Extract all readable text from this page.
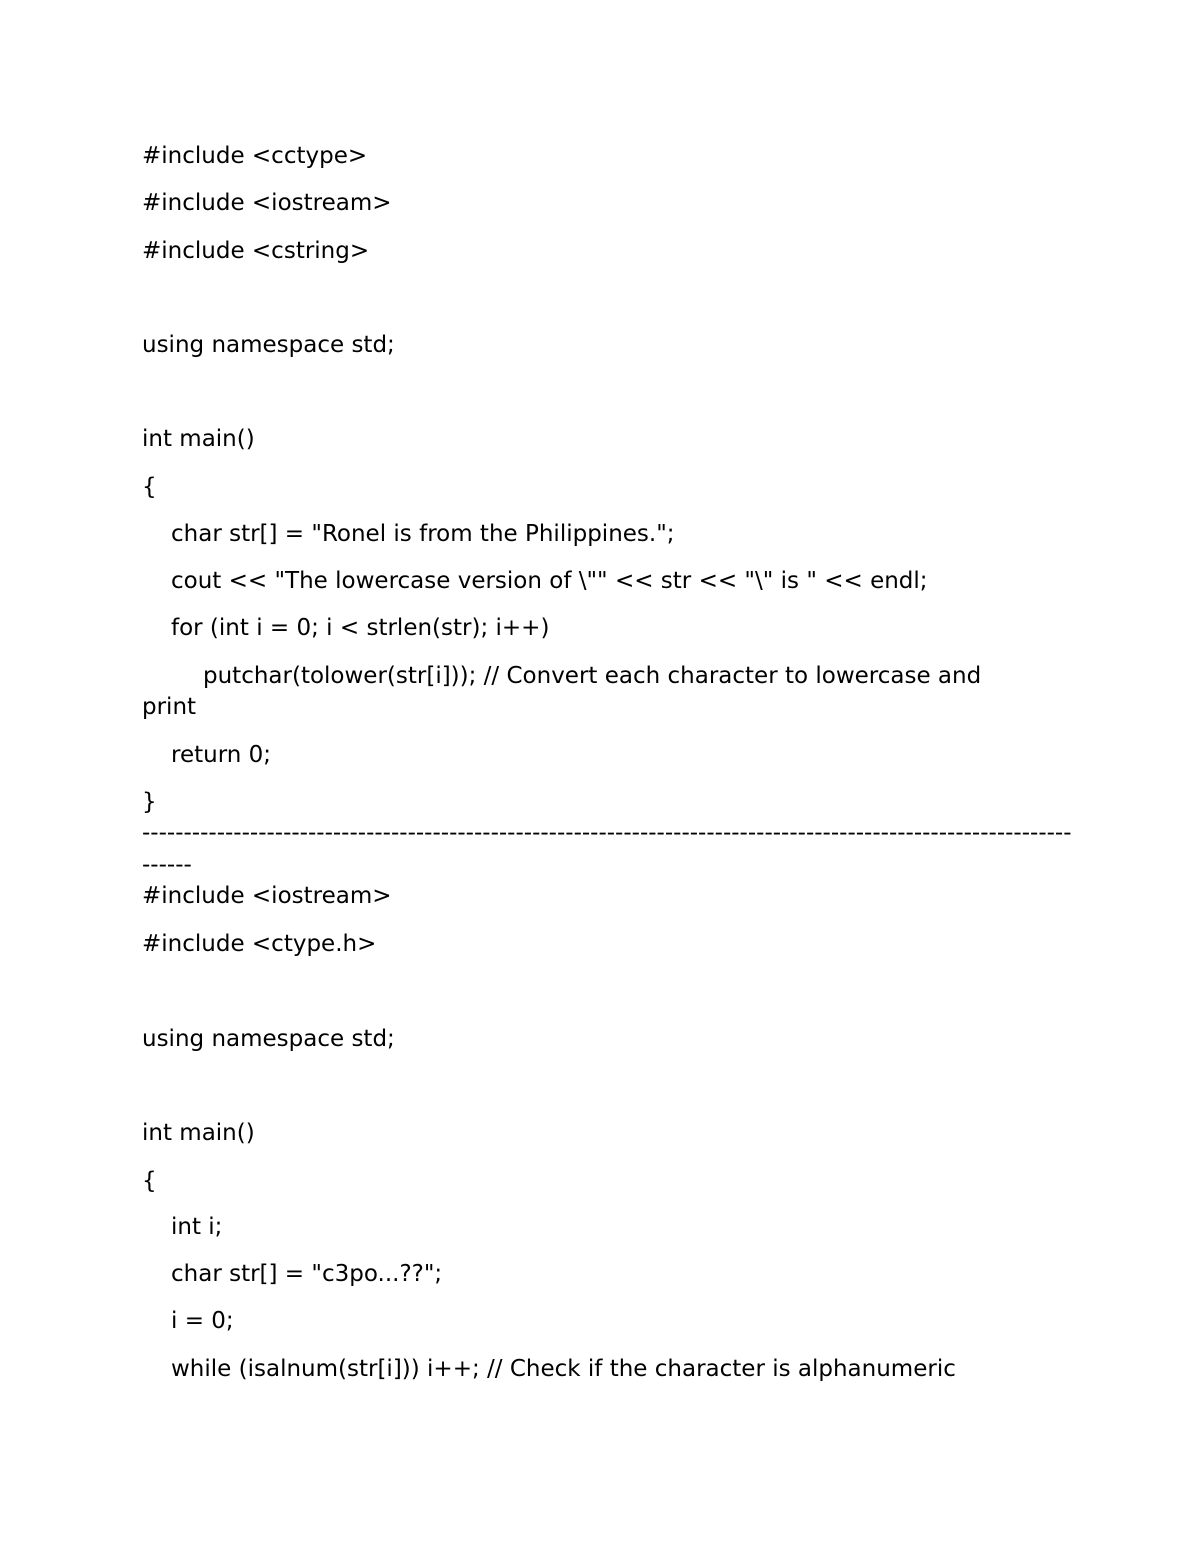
#include <cctype>
#include <iostream>
#include <cstring>
using namespace std;
int main()
{
char str[] = "Ronel is from the Philippines.";
cout << "The lowercase version of \"" << str << "\" is " << endl;
for (int i = 0; i < strlen(str); i++)
putchar(tolower(str[i])); // Convert each character to lowercase and
print
return 0;
}
----------------------------------------------------------------------------------------------------------------
------
#include <iostream>
#include <ctype.h>
using namespace std;
int main()
{
int i;
char str[] = "c3po...??";
i = 0;
while (isalnum(str[i])) i++; // Check if the character is alphanumeric
